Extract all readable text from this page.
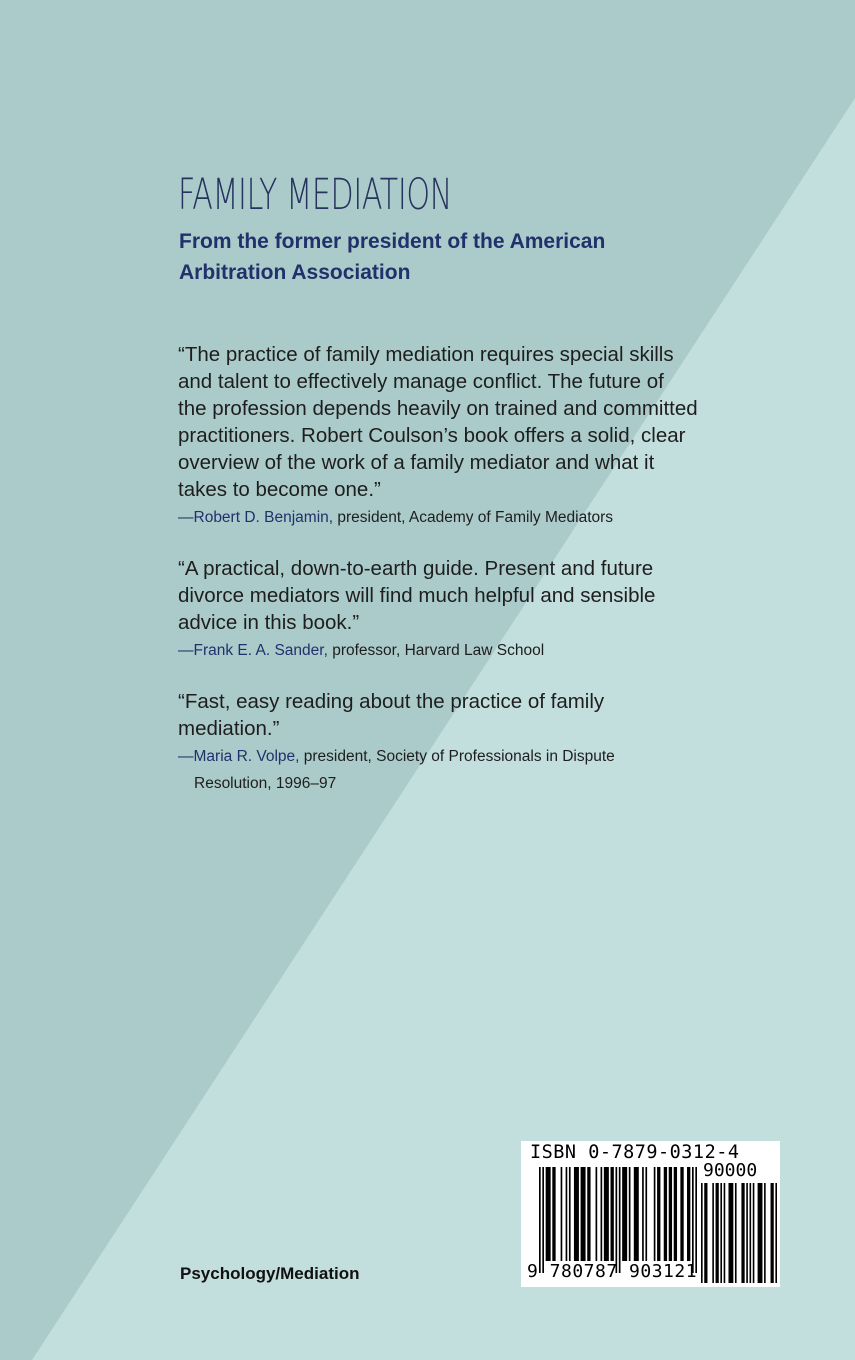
FAMILY MEDIATION
From the former president of the American Arbitration Association
“The practice of family mediation requires special skills and talent to effectively manage conflict. The future of the profession depends heavily on trained and committed practitioners. Robert Coulson’s book offers a solid, clear overview of the work of a family mediator and what it takes to become one.”
—Robert D. Benjamin, president, Academy of Family Mediators
“A practical, down-to-earth guide. Present and future divorce mediators will find much helpful and sensible advice in this book.”
—Frank E. A. Sander, professor, Harvard Law School
“Fast, easy reading about the practice of family mediation.”
—Maria R. Volpe, president, Society of Professionals in Dispute
Resolution, 1996–97
Psychology/Mediation
ISBN 0-7879-0312-4
90000
9 780787 903121
